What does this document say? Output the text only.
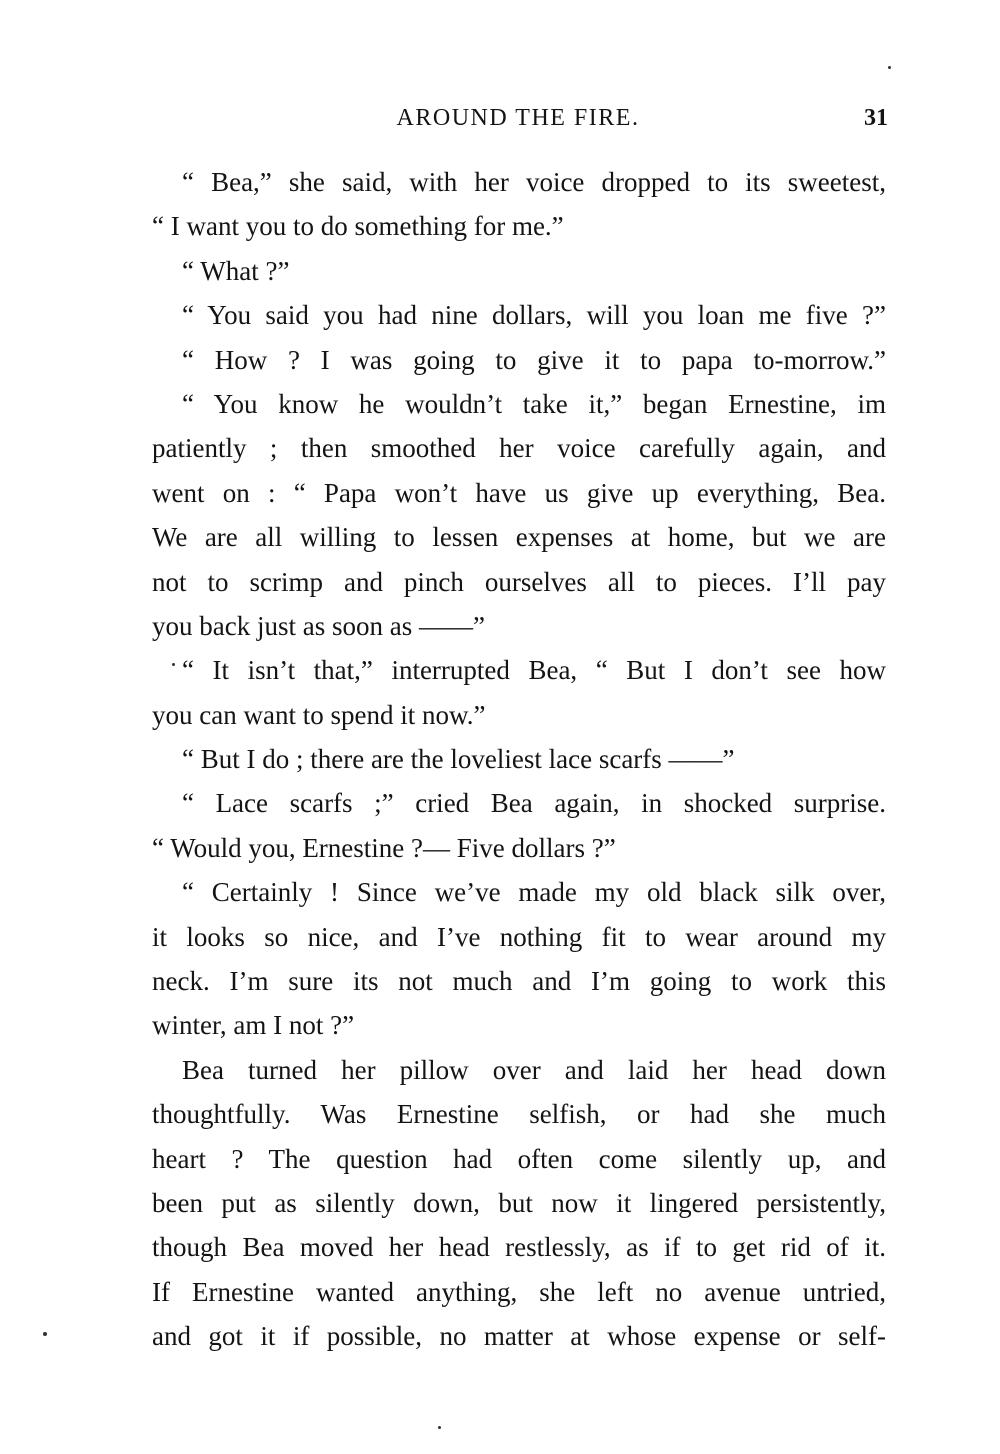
AROUND THE FIRE.	31
“ Bea,” she said, with her voice dropped to its sweetest,
“ I want you to do something for me.”
“ What ?”
“ You said you had nine dollars, will you loan me five ?”
“ How ? I was going to give it to papa to-morrow.”
“ You know he wouldn’t take it,” began Ernestine, im
patiently ; then smoothed her voice carefully again, and
went on : “ Papa won’t have us give up everything, Bea.
We are all willing to lessen expenses at home, but we are
not to scrimp and pinch ourselves all to pieces. I’ll pay
you back just as soon as ——”
“ It isn’t that,” interrupted Bea, “ But I don’t see how
you can want to spend it now.”
“ But I do ; there are the loveliest lace scarfs ——”
“ Lace scarfs ;” cried Bea again, in shocked surprise.
“ Would you, Ernestine ?— Five dollars ?”
“ Certainly ! Since we’ve made my old black silk over,
it looks so nice, and I’ve nothing fit to wear around my
neck. I’m sure its not much and I’m going to work this
winter, am I not ?”
Bea turned her pillow over and laid her head down
thoughtfully. Was Ernestine selfish, or had she much
heart ? The question had often come silently up, and
been put as silently down, but now it lingered persistently,
though Bea moved her head restlessly, as if to get rid of it.
If Ernestine wanted anything, she left no avenue untried,
and got it if possible, no matter at whose expense or self-
